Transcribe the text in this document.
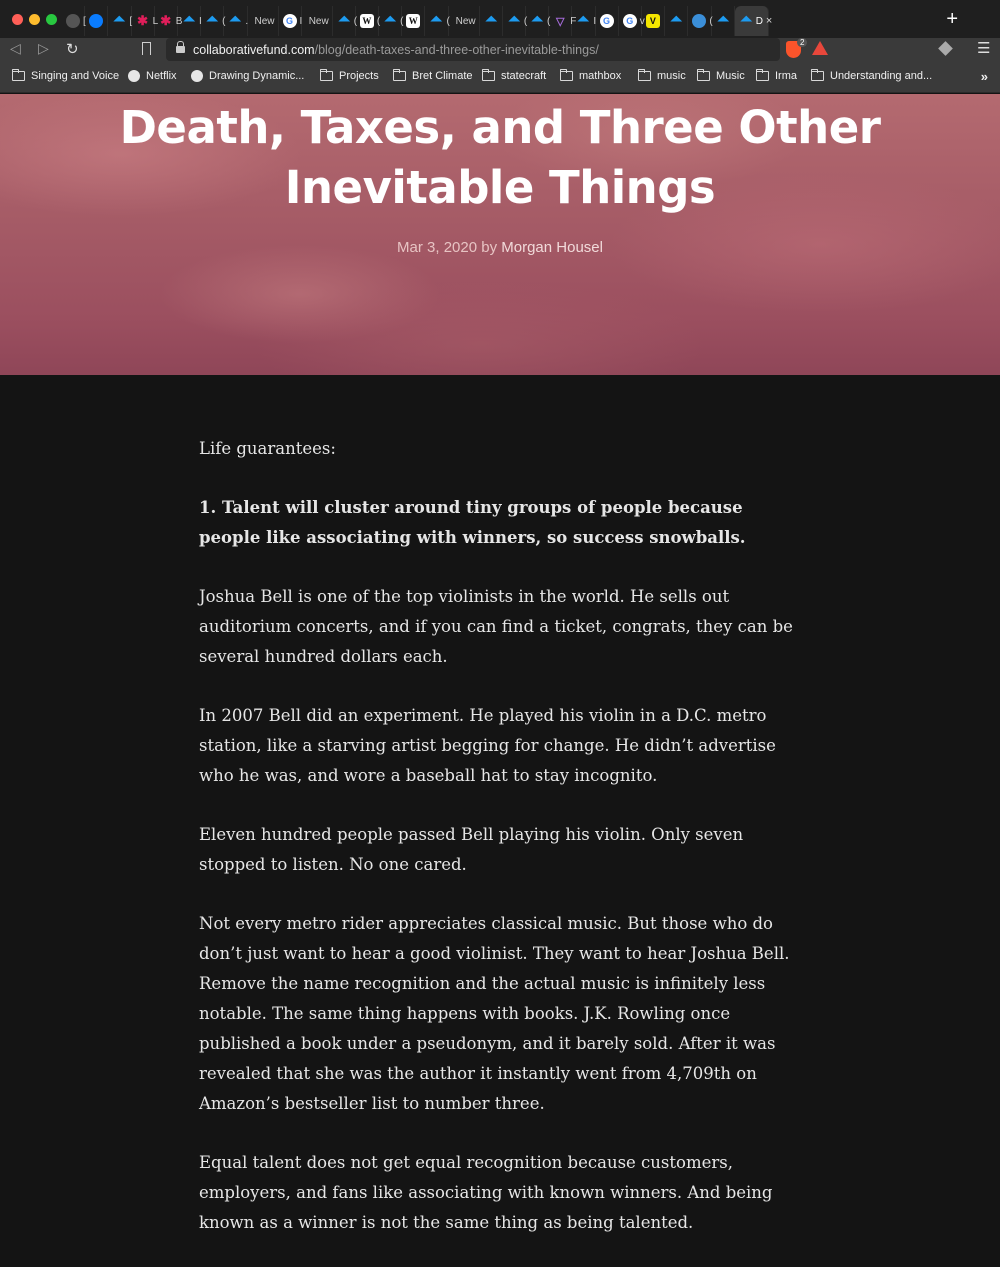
[	◥ [ ✱ L ✱ B ◥ I ◥ ( ◥ . New	G I New ◥ ( W ( ◥ ( W	◥ ( New ◥ ◥ ( ◥ ( ▽ F ◥ I G	G v V	◥	( ◥ ◥ D ×	+
◁ ▷ ↻	collaborativefund.com/blog/death-taxes-and-three-other-inevitable-things/	2	☰
»
Singing and Voice Netflix	Drawing Dynamic...	Projects	Bret Climate	statecraft	mathbox	music	Music	Irma	Understanding and...
Death, Taxes, and Three Other
Inevitable Things
Mar 3, 2020 by Morgan Housel

Life guarantees:

1. Talent will cluster around tiny groups of people because people like associating with winners, so success snowballs.

Joshua Bell is one of the top violinists in the world. He sells out auditorium concerts, and if you can find a ticket, congrats, they can be several hundred dollars each.

In 2007 Bell did an experiment. He played his violin in a D.C. metro station, like a starving artist begging for change. He didn’t advertise who he was, and wore a baseball hat to stay incognito.

Eleven hundred people passed Bell playing his violin. Only seven stopped to listen. No one cared.

Not every metro rider appreciates classical music. But those who do don’t just want to hear a good violinist. They want to hear Joshua Bell. Remove the name recognition and the actual music is infinitely less notable. The same thing happens with books. J.K. Rowling once published a book under a pseudonym, and it barely sold. After it was revealed that she was the author it instantly went from 4,709th on Amazon’s bestseller list to number three.

Equal talent does not get equal recognition because customers, employers, and fans like associating with known winners. And being known as a winner is not the same thing as being talented.
